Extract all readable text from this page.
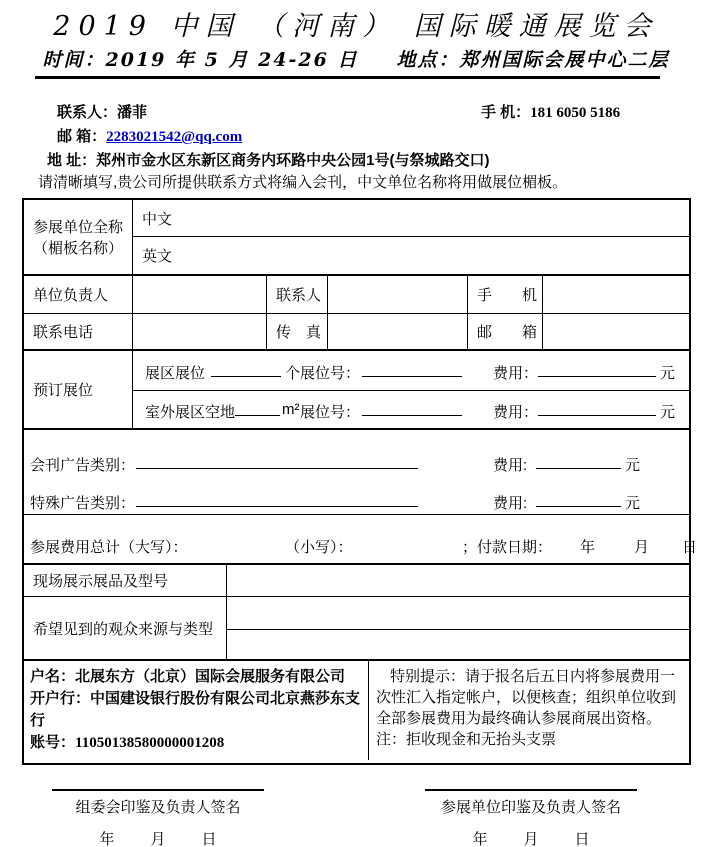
2019 中国 （河南） 国际暖通展览会
时间：2019 年 5 月 24-26 日 地点：郑州国际会展中心二层
联系人：潘菲	手 机：181 6050 5186
邮 箱：2283021542@qq.com
地 址：郑州市金水区东新区商务内环路中央公园1号(与祭城路交口)
请清晰填写,贵公司所提供联系方式将编入会刊，中文单位名称将用做展位楣板。
参展单位全称
（楣板名称）
中文
英文
单位负责人	联系人	手　　机
联系电话	传　真	邮　　箱
预订展位
展区展位	个 展位号：	费用：	元
室外展区空地	m² 展位号：	费用：	元
会刊广告类别：	费用:	元
特殊广告类别：	费用:	元
参展费用总计（大写）：	（小写）：	；付款日期： 年	月 日
现场展示展品及型号
希望见到的观众来源与类型
户名：北展东方（北京）国际会展服务有限公司
开户行：中国建设银行股份有限公司北京燕莎东支行
账号：11050138580000001208
特别提示：请于报名后五日内将参展费用一次性汇入指定帐户，以便核查；组织单位收到全部参展费用为最终确认参展商展出资格。
注：拒收现金和无抬头支票
组委会印鉴及负责人签名
年 月 日
参展单位印鉴及负责人签名
年 月 日
